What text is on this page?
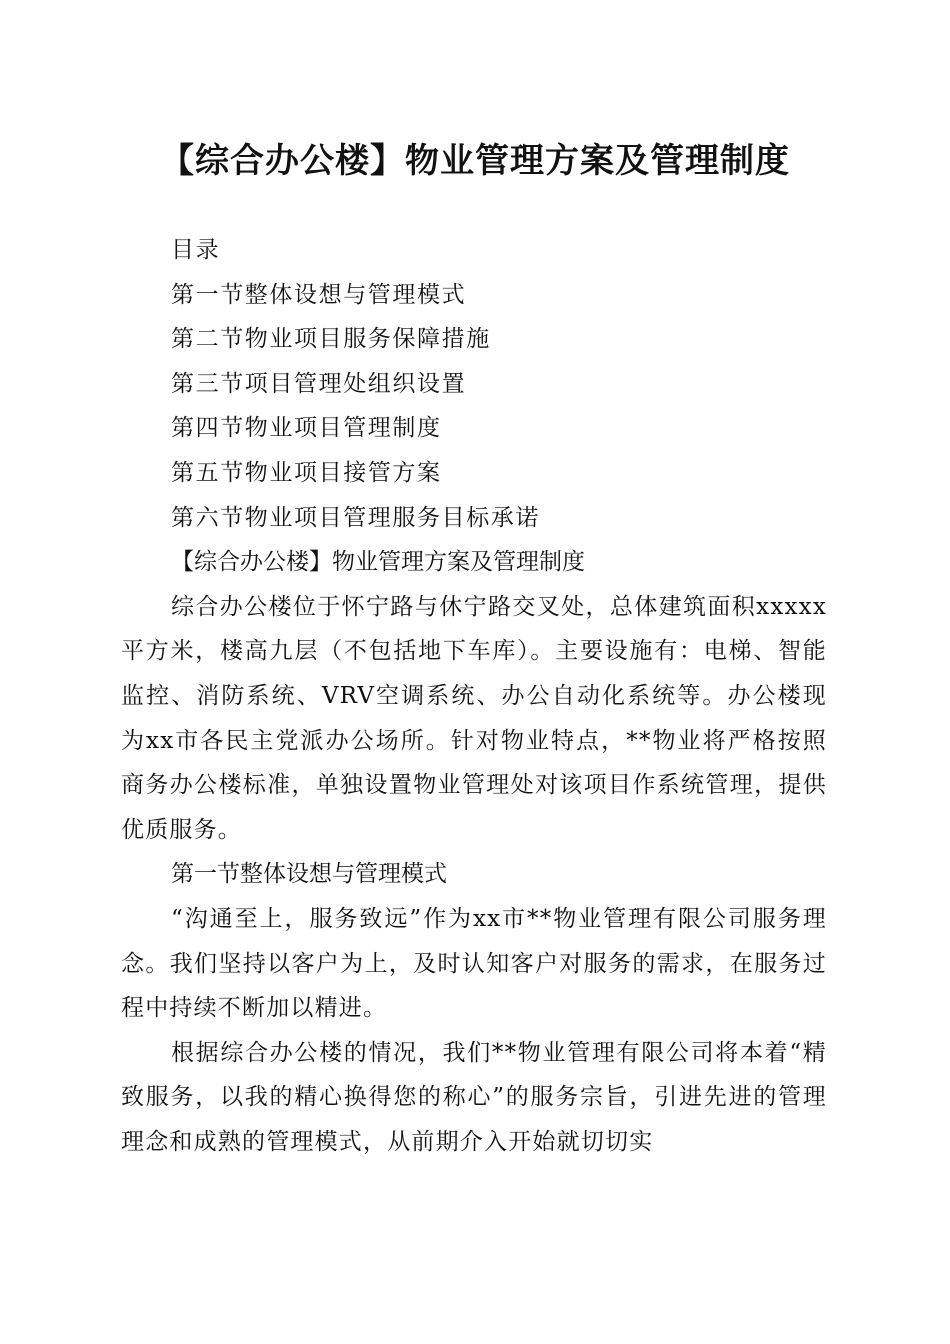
【综合办公楼】物业管理方案及管理制度

目录

第一节整体设想与管理模式

第二节物业项目服务保障措施

第三节项目管理处组织设置

第四节物业项目管理制度

第五节物业项目接管方案

第六节物业项目管理服务目标承诺

【综合办公楼】物业管理方案及管理制度

综合办公楼位于怀宁路与休宁路交叉处，总体建筑面积xxxxx平方米，楼高九层（不包括地下车库）。主要设施有：电梯、智能监控、消防系统、VRV空调系统、办公自动化系统等。办公楼现为xx市各民主党派办公场所。针对物业特点，**物业将严格按照商务办公楼标准，单独设置物业管理处对该项目作系统管理，提供优质服务。

第一节整体设想与管理模式

“沟通至上，服务致远”作为xx市**物业管理有限公司服务理念。我们坚持以客户为上，及时认知客户对服务的需求，在服务过程中持续不断加以精进。

根据综合办公楼的情况，我们**物业管理有限公司将本着“精致服务，以我的精心换得您的称心”的服务宗旨，引进先进的管理理念和成熟的管理模式，从前期介入开始就切切实
